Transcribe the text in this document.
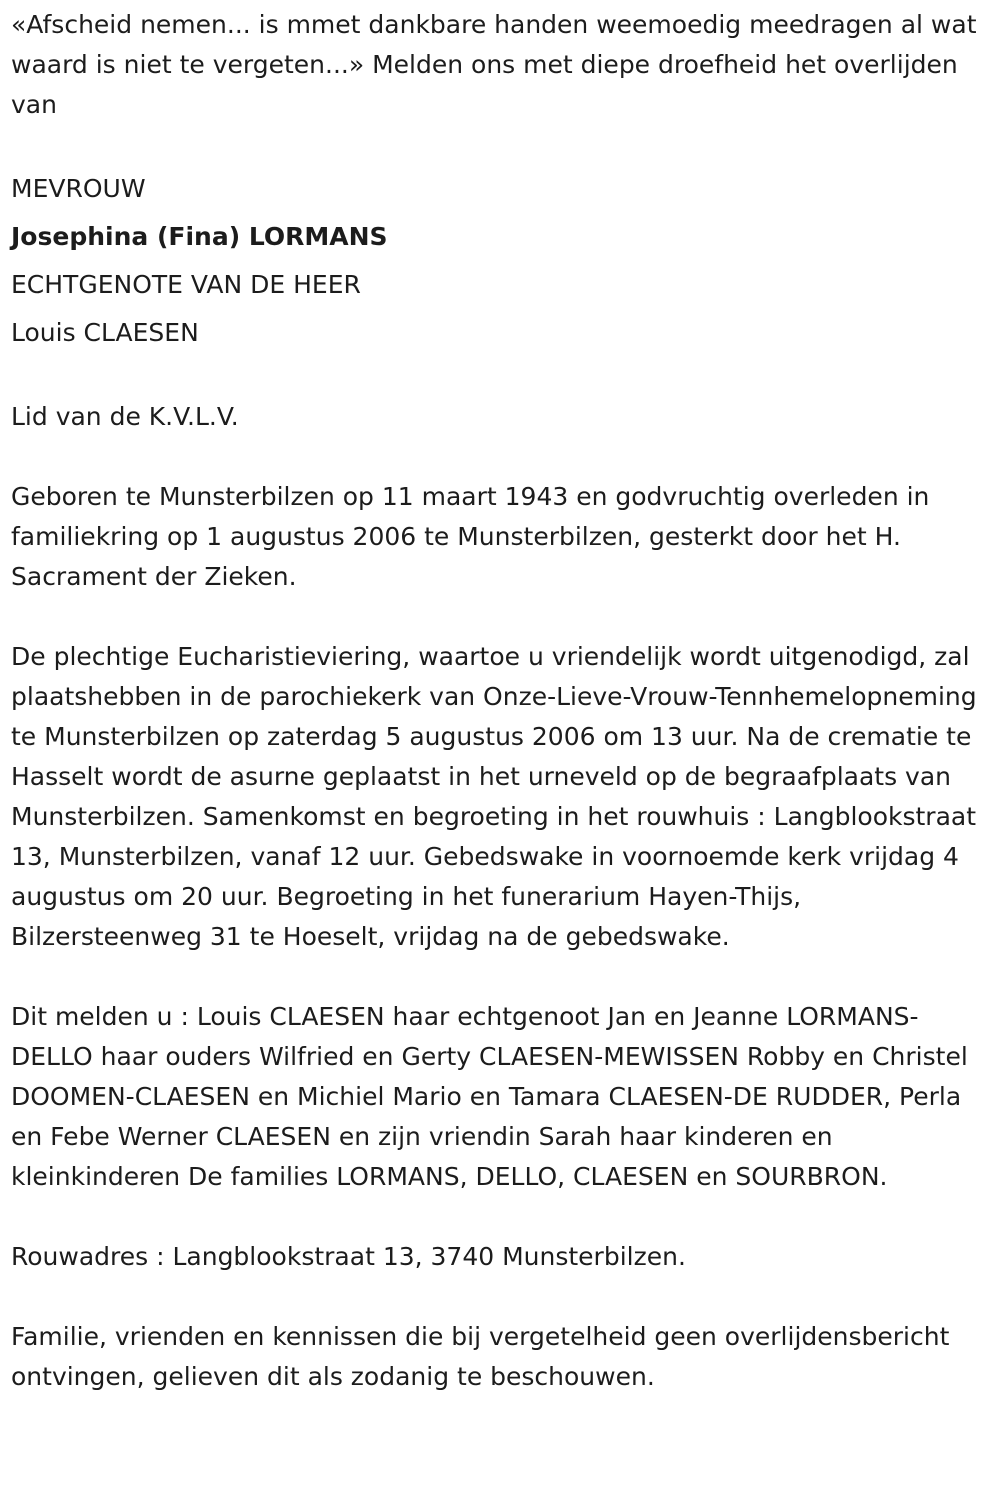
«Afscheid nemen... is mmet dankbare handen weemoedig meedragen al wat waard is niet te vergeten...» Melden ons met diepe droefheid het overlijden van

MEVROUW
Josephina (Fina) LORMANS
ECHTGENOTE VAN DE HEER
Louis CLAESEN

Lid van de K.V.L.V.

Geboren te Munsterbilzen op 11 maart 1943 en godvruchtig overleden in familiekring op 1 augustus 2006 te Munsterbilzen, gesterkt door het H. Sacrament der Zieken.

De plechtige Eucharistieviering, waartoe u vriendelijk wordt uitgenodigd, zal plaatshebben in de parochiekerk van Onze-Lieve-Vrouw-Tennhemelopneming te Munsterbilzen op zaterdag 5 augustus 2006 om 13 uur. Na de crematie te Hasselt wordt de asurne geplaatst in het urneveld op de begraafplaats van Munsterbilzen. Samenkomst en begroeting in het rouwhuis : Langblookstraat 13, Munsterbilzen, vanaf 12 uur. Gebedswake in voornoemde kerk vrijdag 4 augustus om 20 uur. Begroeting in het funerarium Hayen-Thijs, Bilzersteenweg 31 te Hoeselt, vrijdag na de gebedswake.

Dit melden u : Louis CLAESEN haar echtgenoot Jan en Jeanne LORMANS-DELLO haar ouders Wilfried en Gerty CLAESEN-MEWISSEN Robby en Christel DOOMEN-CLAESEN en Michiel Mario en Tamara CLAESEN-DE RUDDER, Perla en Febe Werner CLAESEN en zijn vriendin Sarah haar kinderen en kleinkinderen De families LORMANS, DELLO, CLAESEN en SOURBRON.

Rouwadres : Langblookstraat 13, 3740 Munsterbilzen.

Familie, vrienden en kennissen die bij vergetelheid geen overlijdensbericht ontvingen, gelieven dit als zodanig te beschouwen.
